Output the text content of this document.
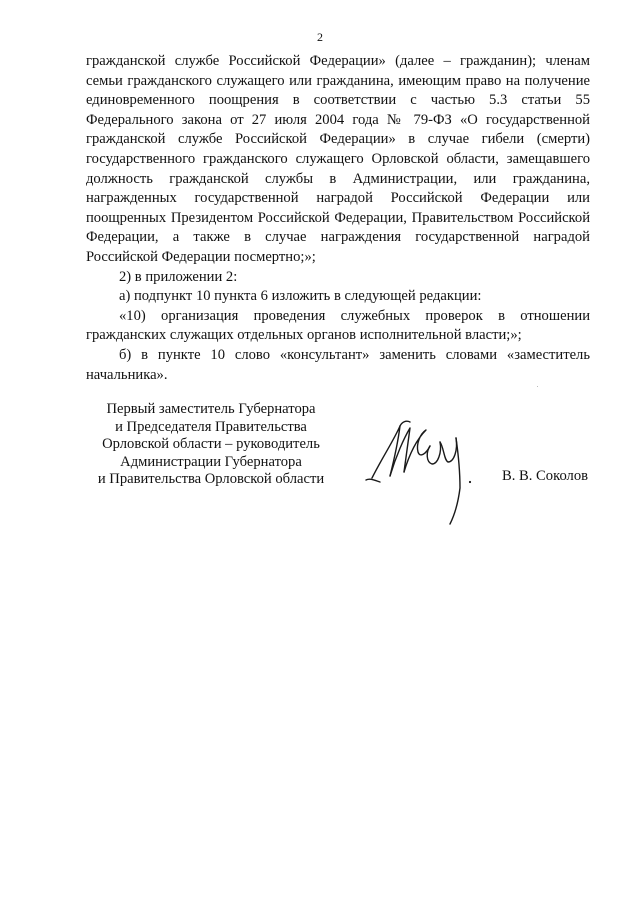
2

гражданской службе Российской Федерации» (далее – гражданин); членам семьи гражданского служащего или гражданина, имеющим право на получение единовременного поощрения в соответствии с частью 5.3 статьи 55 Федерального закона от 27 июля 2004 года № 79-ФЗ «О государственной гражданской службе Российской Федерации» в случае гибели (смерти) государственного гражданского служащего Орловской области, замещавшего должность гражданской службы в Администрации, или гражданина, награжденных государственной наградой Российской Федерации или поощренных Президентом Российской Федерации, Правительством Российской Федерации, а также в случае награждения государственной наградой Российской Федерации посмертно;»;

2) в приложении 2:

а) подпункт 10 пункта 6 изложить в следующей редакции:

«10) организация проведения служебных проверок в отношении гражданских служащих отдельных органов исполнительной власти;»;

б) в пункте 10 слово «консультант» заменить словами «заместитель начальника».

Первый заместитель Губернатора
и Председателя Правительства
Орловской области – руководитель
Администрации Губернатора
и Правительства Орловской области	В. В. Соколов
